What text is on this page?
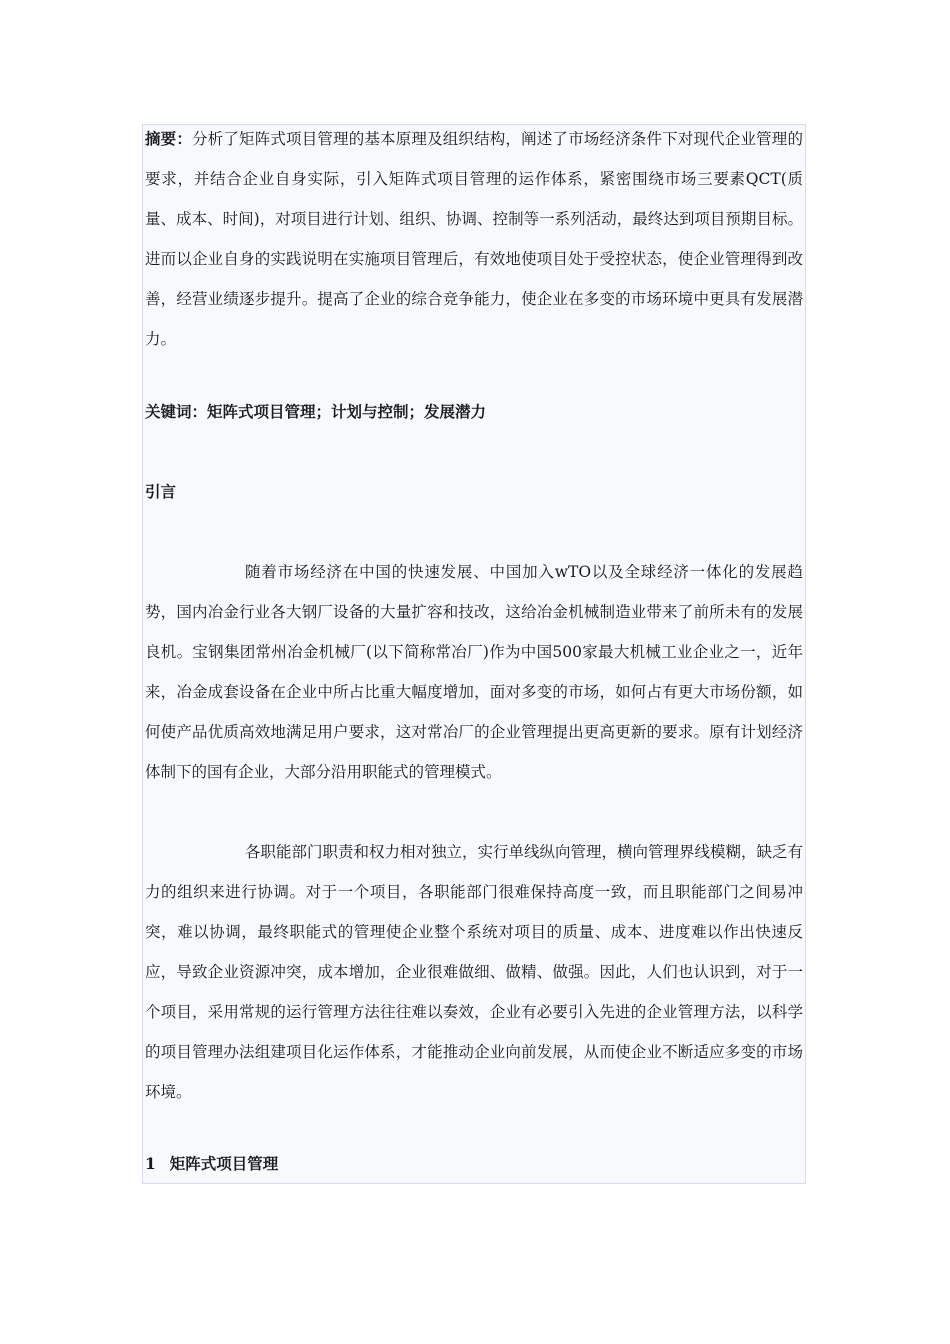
摘要：分析了矩阵式项目管理的基本原理及组织结构，阐述了市场经济条件下对现代企业管理的要求，并结合企业自身实际，引入矩阵式项目管理的运作体系，紧密围绕市场三要素QCT(质量、成本、时间)，对项目进行计划、组织、协调、控制等一系列活动，最终达到项目预期目标。进而以企业自身的实践说明在实施项目管理后，有效地使项目处于受控状态，使企业管理得到改善，经营业绩逐步提升。提高了企业的综合竞争能力，使企业在多变的市场环境中更具有发展潜力。

关键词：矩阵式项目管理；计划与控制；发展潜力

引言

随着市场经济在中国的快速发展、中国加入wTO以及全球经济一体化的发展趋势，国内冶金行业各大钢厂设备的大量扩容和技改，这给冶金机械制造业带来了前所未有的发展良机。宝钢集团常州冶金机械厂(以下简称常冶厂)作为中国500家最大机械工业企业之一，近年来，冶金成套设备在企业中所占比重大幅度增加，面对多变的市场，如何占有更大市场份额，如何使产品优质高效地满足用户要求，这对常冶厂的企业管理提出更高更新的要求。原有计划经济体制下的国有企业，大部分沿用职能式的管理模式。

各职能部门职责和权力相对独立，实行单线纵向管理，横向管理界线模糊，缺乏有力的组织来进行协调。对于一个项目，各职能部门很难保持高度一致，而且职能部门之间易冲突，难以协调，最终职能式的管理使企业整个系统对项目的质量、成本、进度难以作出快速反应，导致企业资源冲突，成本增加，企业很难做细、做精、做强。因此，人们也认识到，对于一个项目，采用常规的运行管理方法往往难以奏效，企业有必要引入先进的企业管理方法，以科学的项目管理办法组建项目化运作体系，才能推动企业向前发展，从而使企业不断适应多变的市场环境。

1 矩阵式项目管理
